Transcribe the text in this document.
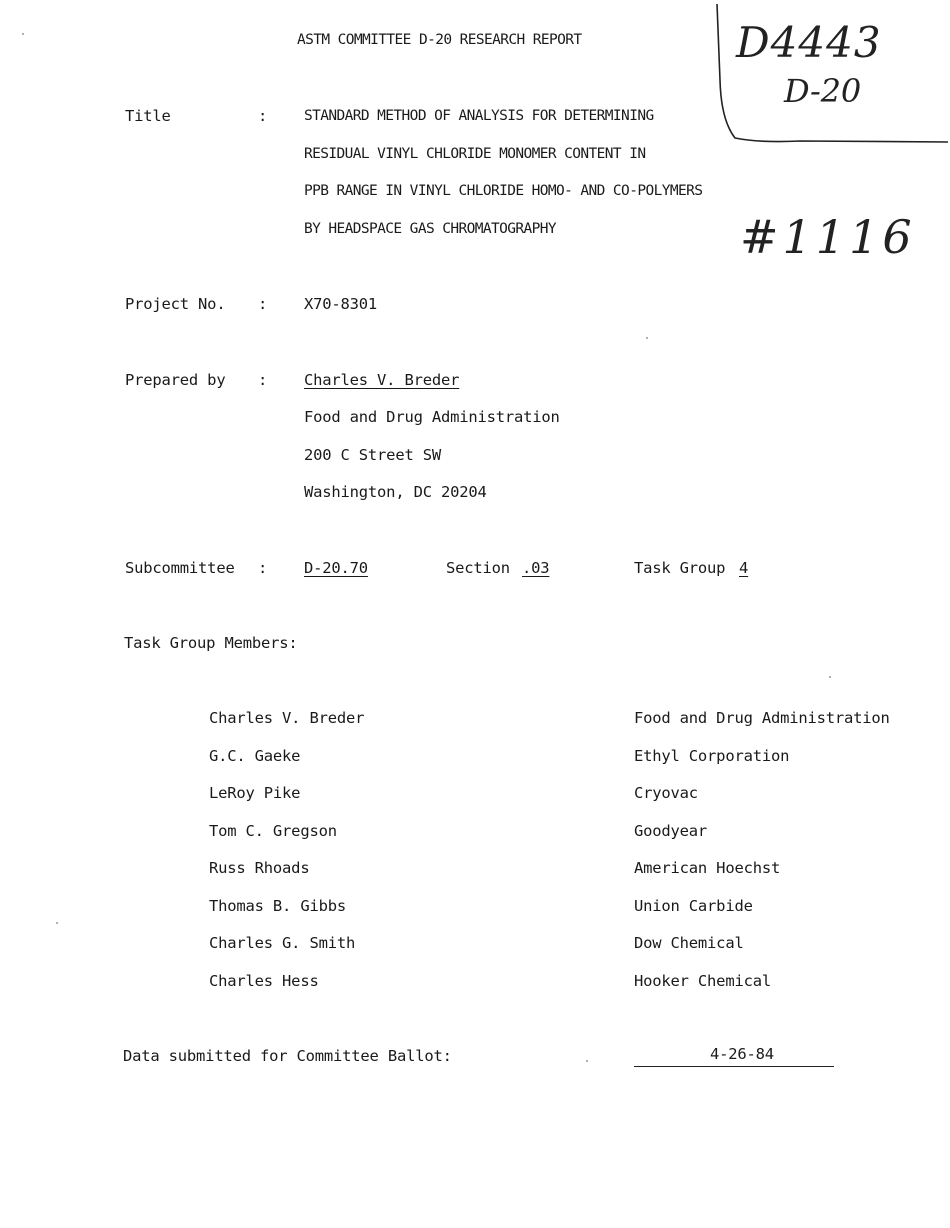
ASTM COMMITTEE D-20 RESEARCH REPORT	D4443
D-20
#1116
Title	:	STANDARD METHOD OF ANALYSIS FOR DETERMINING
RESIDUAL VINYL CHLORIDE MONOMER CONTENT IN
PPB RANGE IN VINYL CHLORIDE HOMO- AND CO-POLYMERS
BY HEADSPACE GAS CHROMATOGRAPHY
Project No. : X70-8301
Prepared by : Charles V. Breder
Food and Drug Administration
200 C Street SW
Washington, DC 20204
Subcommittee : D-20.70	Section .03	Task Group 4
Task Group Members:
Charles V. Breder	Food and Drug Administration
G.C. Gaeke	Ethyl Corporation
LeRoy Pike	Cryovac
Tom C. Gregson	Goodyear
Russ Rhoads	American Hoechst
Thomas B. Gibbs	Union Carbide
Charles G. Smith	Dow Chemical
Charles Hess	Hooker Chemical
Data submitted for Committee Ballot:	4-26-84
